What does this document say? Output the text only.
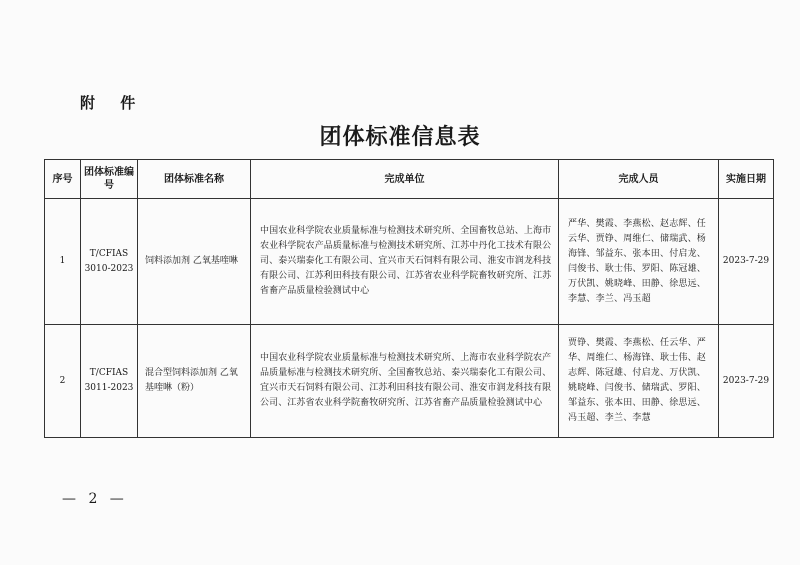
附 件
团体标准信息表
序号	团体标准编号	团体标准名称	完成单位	完成人员	实施日期
1	T/CFIAS 3010-2023	饲料添加剂 乙氧基喹啉	中国农业科学院农业质量标准与检测技术研究所、全国畜牧总站、上海市农业科学院农产品质量标准与检测技术研究所、江苏中丹化工技术有限公司、泰兴瑞泰化工有限公司、宜兴市天石饲料有限公司、淮安市润龙科技有限公司、江苏利田科技有限公司、江苏省农业科学院畜牧研究所、江苏省畜产品质量检验测试中心	严华、樊霞、李燕松、赵志辉、任云华、贾铮、周维仁、储瑞武、杨海锋、邹益东、张本田、付启龙、闫俊书、耿士伟、罗阳、陈冠雄、万伏凯、姚晓峰、田静、徐思远、李慧、李兰、冯玉超	2023-7-29
2	T/CFIAS 3011-2023	混合型饲料添加剂 乙氧基喹啉（粉）	中国农业科学院农业质量标准与检测技术研究所、上海市农业科学院农产品质量标准与检测技术研究所、全国畜牧总站、泰兴瑞泰化工有限公司、宜兴市天石饲料有限公司、江苏利田科技有限公司、淮安市润龙科技有限公司、江苏省农业科学院畜牧研究所、江苏省畜产品质量检验测试中心	贾铮、樊霞、李燕松、任云华、严华、周维仁、杨海锋、耿士伟、赵志辉、陈冠雄、付启龙、万伏凯、姚晓峰、闫俊书、储瑞武、罗阳、邹益东、张本田、田静、徐思远、冯玉超、李兰、李慧	2023-7-29
— 2 —
